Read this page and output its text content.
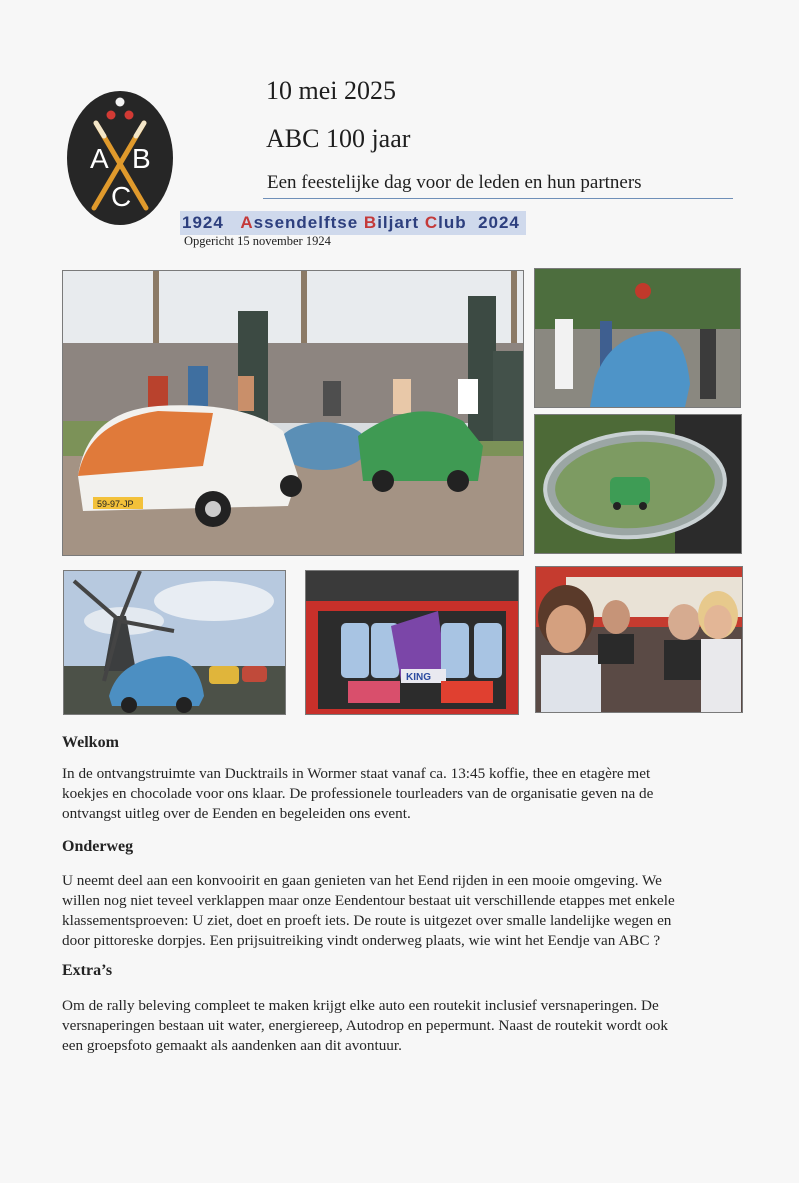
A B
C
10 mei 2025
ABC 100 jaar
Een feestelijke dag voor de leden en hun partners
1924 Assendelftse Biljart Club 2024
Opgericht 15 november 1924
59-97-JP
KING
Welkom
In de ontvangstruimte van Ducktrails in Wormer staat vanaf ca. 13:45 koffie, thee en etagère met
koekjes en chocolade voor ons klaar. De professionele tourleaders van de organisatie geven na de
ontvangst uitleg over de Eenden en begeleiden ons event.
Onderweg
U neemt deel aan een konvooirit en gaan genieten van het Eend rijden in een mooie omgeving. We
willen nog niet teveel verklappen maar onze Eendentour bestaat uit verschillende etappes met enkele
klassementsproeven: U ziet, doet en proeft iets. De route is uitgezet over smalle landelijke wegen en
door pittoreske dorpjes. Een prijsuitreiking vindt onderweg plaats, wie wint het Eendje van ABC ?
Extra’s
Om de rally beleving compleet te maken krijgt elke auto een routekit inclusief versnaperingen. De
versnaperingen bestaan uit water, energiereep, Autodrop en pepermunt. Naast de routekit wordt ook
een groepsfoto gemaakt als aandenken aan dit avontuur.
